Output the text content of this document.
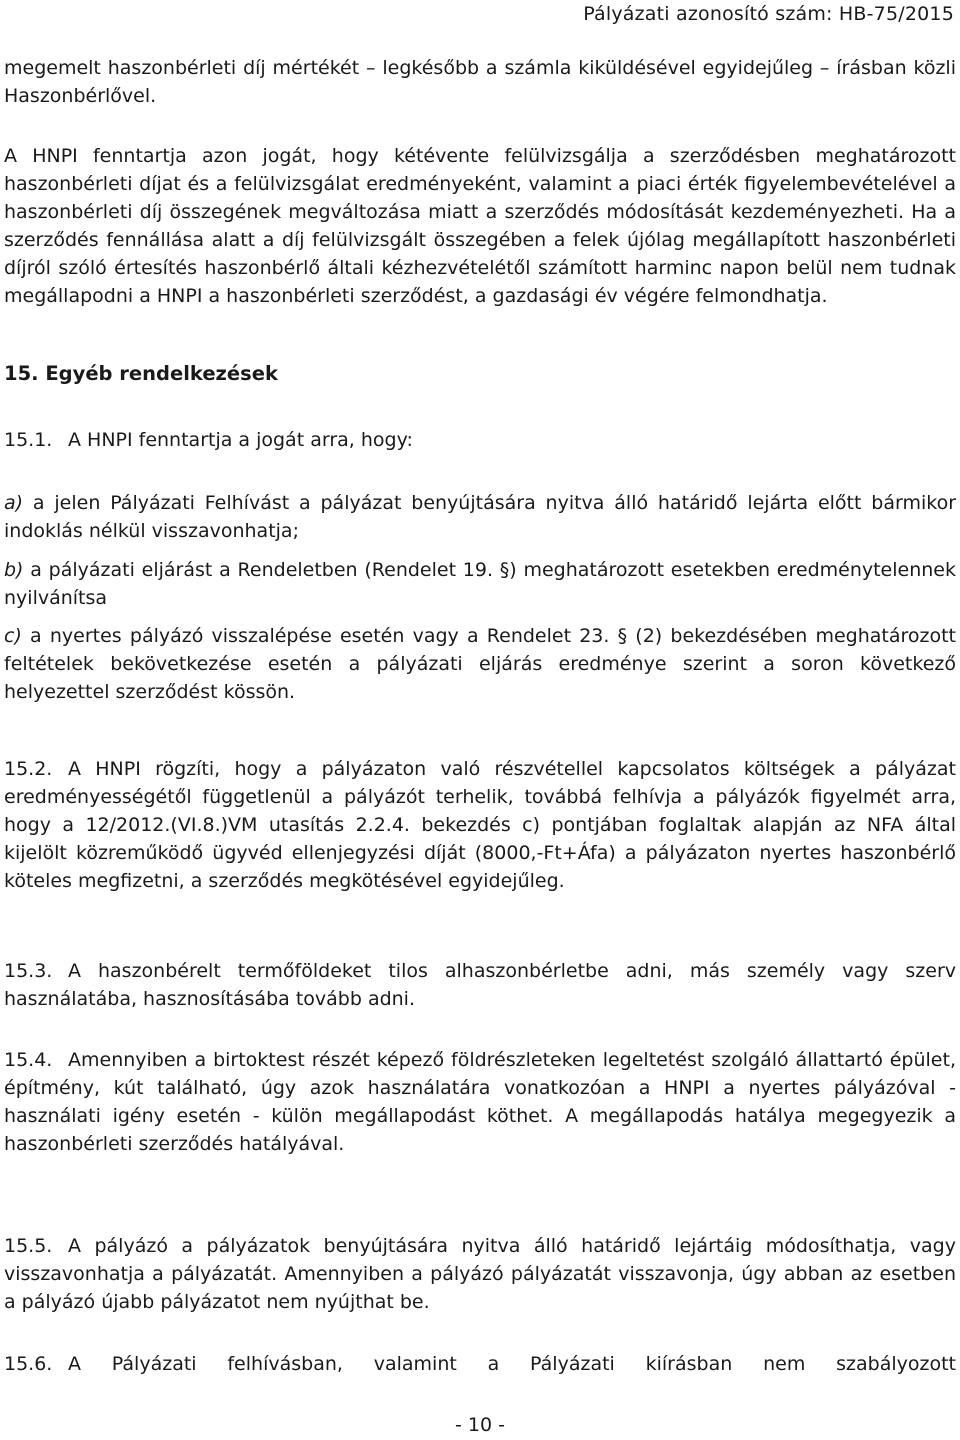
Pályázati azonosító szám: HB-75/2015

megemelt haszonbérleti díj mértékét – legkésőbb a számla kiküldésével egyidejűleg – írásban közli Haszonbérlővel.

A HNPI fenntartja azon jogát, hogy kétévente felülvizsgálja a szerződésben meghatározott haszonbérleti díjat és a felülvizsgálat eredményeként, valamint a piaci érték figyelembevételével a haszonbérleti díj összegének megváltozása miatt a szerződés módosítását kezdeményezheti. Ha a szerződés fennállása alatt a díj felülvizsgált összegében a felek újólag megállapított haszonbérleti díjról szóló értesítés haszonbérlő általi kézhezvételétől számított harminc napon belül nem tudnak megállapodni a HNPI a haszonbérleti szerződést, a gazdasági év végére felmondhatja.

15. Egyéb rendelkezések

15.1. A HNPI fenntartja a jogát arra, hogy:

a) a jelen Pályázati Felhívást a pályázat benyújtására nyitva álló határidő lejárta előtt bármikor indoklás nélkül visszavonhatja;

b) a pályázati eljárást a Rendeletben (Rendelet 19. §) meghatározott esetekben eredménytelennek nyilvánítsa

c) a nyertes pályázó visszalépése esetén vagy a Rendelet 23. § (2) bekezdésében meghatározott feltételek bekövetkezése esetén a pályázati eljárás eredménye szerint a soron következő helyezettel szerződést kössön.

15.2. A HNPI rögzíti, hogy a pályázaton való részvétellel kapcsolatos költségek a pályázat eredményességétől függetlenül a pályázót terhelik, továbbá felhívja a pályázók figyelmét arra, hogy a 12/2012.(VI.8.)VM utasítás 2.2.4. bekezdés c) pontjában foglaltak alapján az NFA által kijelölt közreműködő ügyvéd ellenjegyzési díját (8000,-Ft+Áfa) a pályázaton nyertes haszonbérlő köteles megfizetni, a szerződés megkötésével egyidejűleg.

15.3. A haszonbérelt termőföldeket tilos alhaszonbérletbe adni, más személy vagy szerv használatába, hasznosításába tovább adni.

15.4. Amennyiben a birtoktest részét képező földrészleteken legeltetést szolgáló állattartó épület, építmény, kút található, úgy azok használatára vonatkozóan a HNPI a nyertes pályázóval - használati igény esetén - külön megállapodást köthet. A megállapodás hatálya megegyezik a haszonbérleti szerződés hatályával.

15.5. A pályázó a pályázatok benyújtására nyitva álló határidő lejártáig módosíthatja, vagy visszavonhatja a pályázatát. Amennyiben a pályázó pályázatát visszavonja, úgy abban az esetben a pályázó újabb pályázatot nem nyújthat be.

15.6. A Pályázati felhívásban, valamint a Pályázati kiírásban nem szabályozott

- 10 -
